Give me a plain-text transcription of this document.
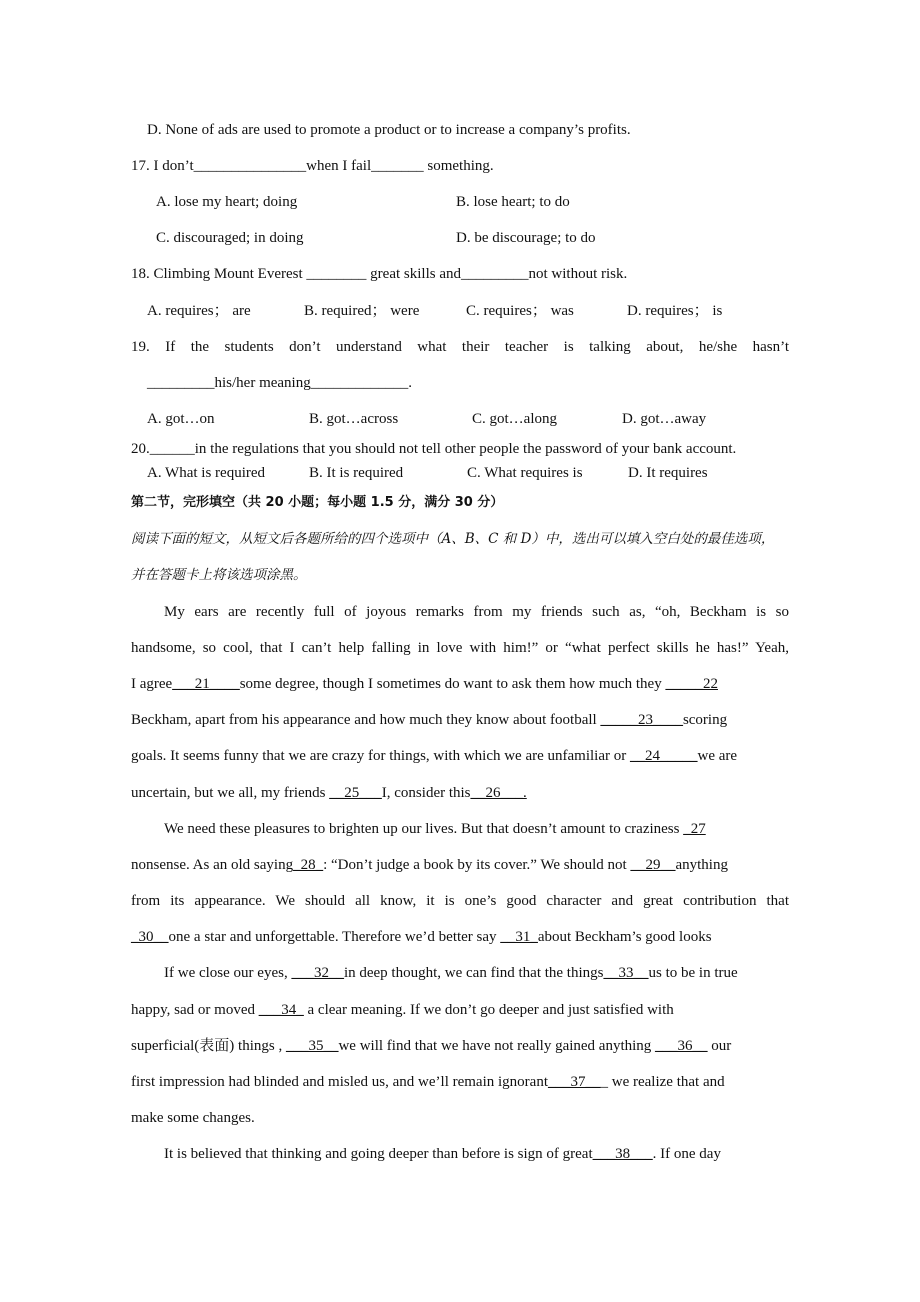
D. None of ads are used to promote a product or to increase a company’s profits.
17. I don’t_______________when I fail_______ something.
A. lose my heart; doing	B. lose heart; to do
C. discouraged; in doing	D. be discourage; to do
18. Climbing Mount Everest ________ great skills and_________not without risk.
A. requires； are	B. required； were	C. requires； was	D. requires； is
19. If the students don’t understand what their teacher is talking about, he/she hasn’t
_________his/her meaning_____________.
A. got…on	B. got…across	C. got…along	D. got…away
20.______in the regulations that you should not tell other people the password of your bank account.
A. What is required	B. It is required	C. What requires is	D. It requires
第二节，完形填空（共 20 小题；每小题 1.5 分，满分 30 分）
阅读下面的短文，从短文后各题所给的四个选项中（A、B、C 和 D）中，选出可以填入空白处的最佳选项，
并在答题卡上将该选项涂黑。
My ears are recently full of joyous remarks from my friends such as, “oh, Beckham is so
handsome, so cool, that I can’t help falling in love with him!” or “what perfect skills he has!” Yeah,
I agree___21____some degree, though I sometimes do want to ask them how much they _____22
Beckham, apart from his appearance and how much they know about football _____23____scoring
goals. It seems funny that we are crazy for things, with which we are unfamiliar or __24_____we are
uncertain, but we all, my friends __25___I, consider this__26___.
We need these pleasures to brighten up our lives. But that doesn’t amount to craziness _27
nonsense. As an old saying_28_: “Don’t judge a book by its cover.” We should not __29__anything
from its appearance. We should all know, it is one’s good character and great contribution that
_30__one a star and unforgettable. Therefore we’d better say __31_about Beckham’s good looks
If we close our eyes, ___32__in deep thought, we can find that the things__33__us to be in true
happy, sad or moved ___34_ a clear meaning. If we don’t go deeper and just satisfied with
superficial(表面) things , ___35__we will find that we have not really gained anything ___36__ our
first impression had blinded and misled us, and we’ll remain ignorant___37___ we realize that and
make some changes.
It is believed that thinking and going deeper than before is sign of great___38___. If one day
